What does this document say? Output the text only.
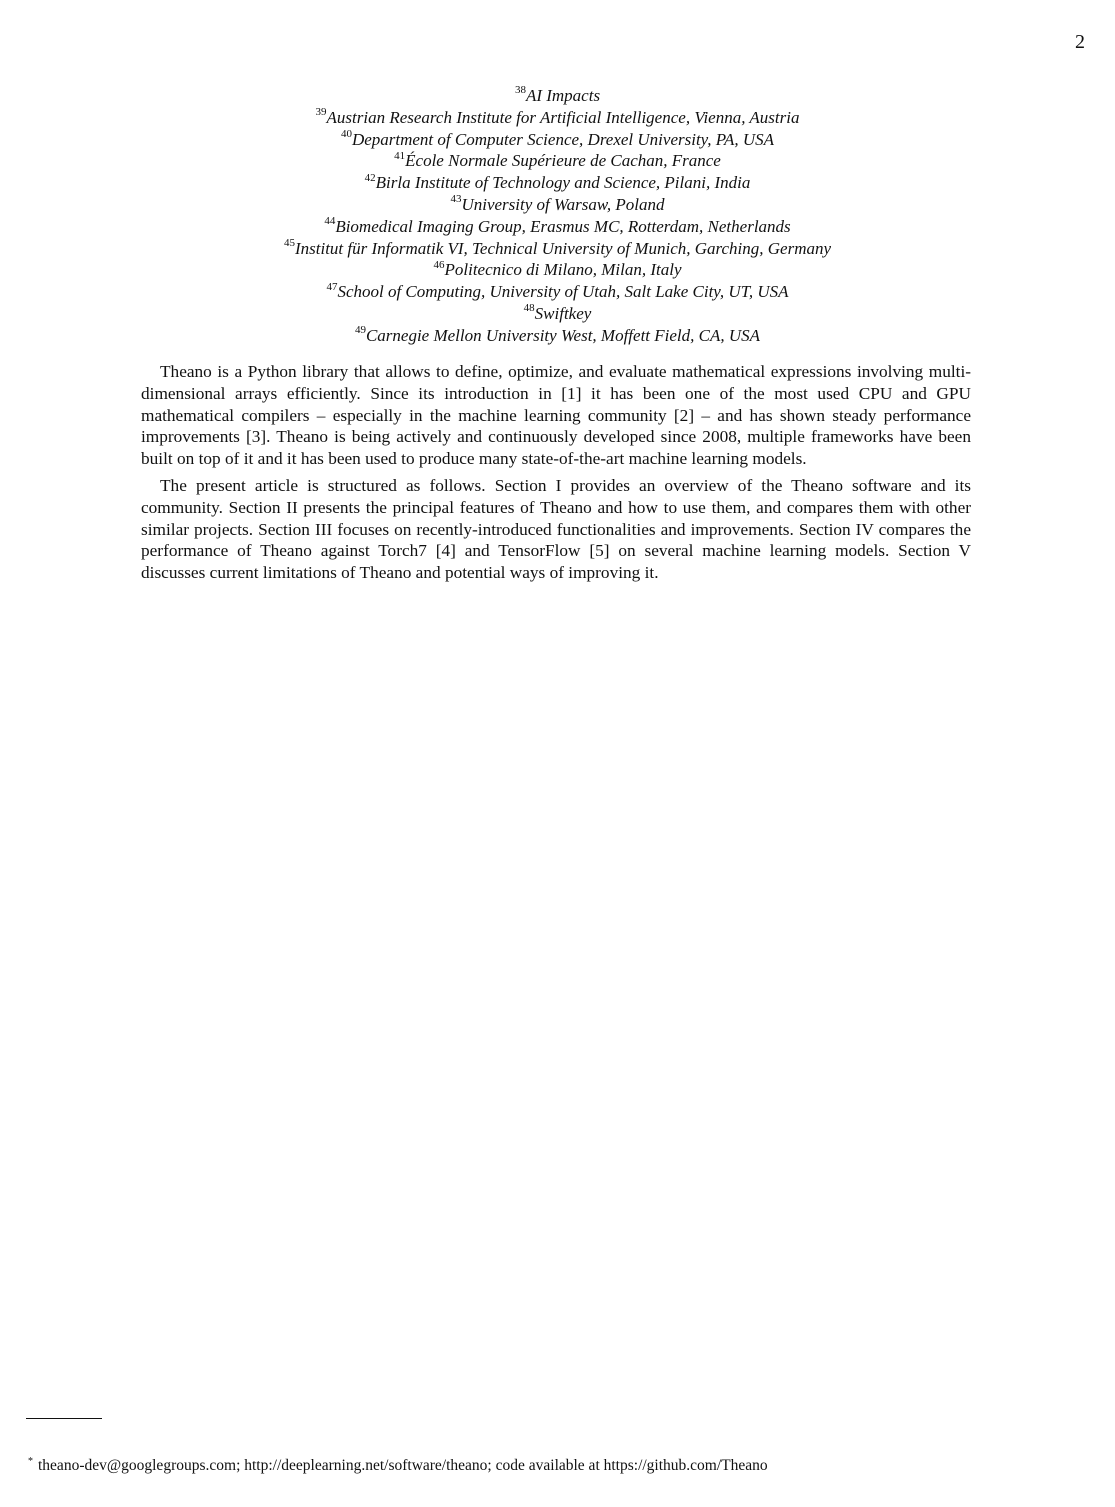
2
$^{38}$AI Impacts
$^{39}$Austrian Research Institute for Artificial Intelligence, Vienna, Austria
$^{40}$Department of Computer Science, Drexel University, PA, USA
$^{41}$École Normale Supérieure de Cachan, France
$^{42}$Birla Institute of Technology and Science, Pilani, India
$^{43}$University of Warsaw, Poland
$^{44}$Biomedical Imaging Group, Erasmus MC, Rotterdam, Netherlands
$^{45}$Institut für Informatik VI, Technical University of Munich, Garching, Germany
$^{46}$Politecnico di Milano, Milan, Italy
$^{47}$School of Computing, University of Utah, Salt Lake City, UT, USA
$^{48}$Swiftkey
$^{49}$Carnegie Mellon University West, Moffett Field, CA, USA

Theano is a Python library that allows to define, optimize, and evaluate mathematical expressions involving multi-dimensional arrays efficiently. Since its introduction in [1] it has been one of the most used CPU and GPU mathematical compilers – especially in the machine learning community [2] – and has shown steady performance improvements [3]. Theano is being actively and continuously developed since 2008, multiple frameworks have been built on top of it and it has been used to produce many state-of-the-art machine learning models.

The present article is structured as follows. Section I provides an overview of the Theano software and its community. Section II presents the principal features of Theano and how to use them, and compares them with other similar projects. Section III focuses on recently-introduced functionalities and improvements. Section IV compares the performance of Theano against Torch7 [4] and TensorFlow [5] on several machine learning models. Section V discusses current limitations of Theano and potential ways of improving it.

* theano-dev@googlegroups.com; http://deeplearning.net/software/theano; code available at https://github.com/Theano
